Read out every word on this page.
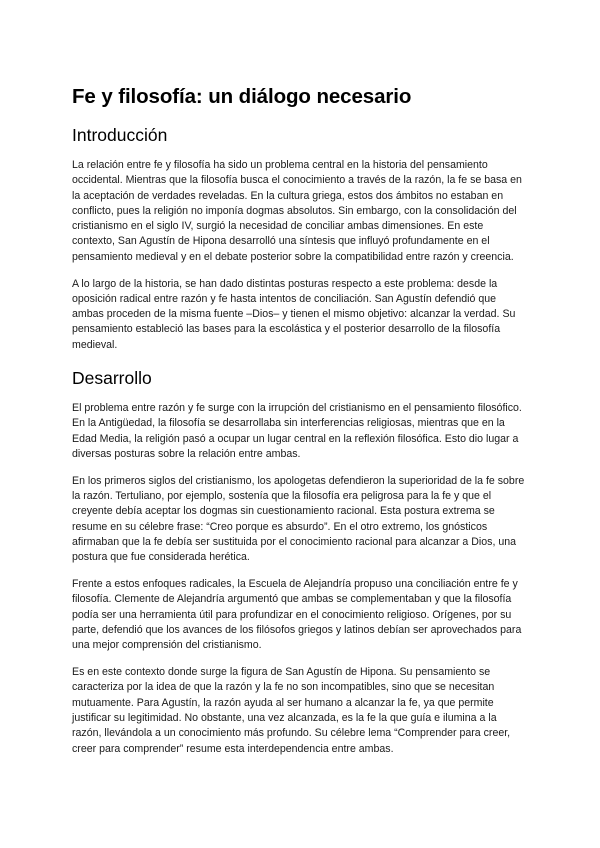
Fe y filosofía: un diálogo necesario
Introducción

La relación entre fe y filosofía ha sido un problema central en la historia del pensamiento occidental. Mientras que la filosofía busca el conocimiento a través de la razón, la fe se basa en la aceptación de verdades reveladas. En la cultura griega, estos dos ámbitos no estaban en conflicto, pues la religión no imponía dogmas absolutos. Sin embargo, con la consolidación del cristianismo en el siglo IV, surgió la necesidad de conciliar ambas dimensiones. En este contexto, San Agustín de Hipona desarrolló una síntesis que influyó profundamente en el pensamiento medieval y en el debate posterior sobre la compatibilidad entre razón y creencia.

A lo largo de la historia, se han dado distintas posturas respecto a este problema: desde la oposición radical entre razón y fe hasta intentos de conciliación. San Agustín defendió que ambas proceden de la misma fuente –Dios– y tienen el mismo objetivo: alcanzar la verdad. Su pensamiento estableció las bases para la escolástica y el posterior desarrollo de la filosofía medieval.

Desarrollo

El problema entre razón y fe surge con la irrupción del cristianismo en el pensamiento filosófico. En la Antigüedad, la filosofía se desarrollaba sin interferencias religiosas, mientras que en la Edad Media, la religión pasó a ocupar un lugar central en la reflexión filosófica. Esto dio lugar a diversas posturas sobre la relación entre ambas.

En los primeros siglos del cristianismo, los apologetas defendieron la superioridad de la fe sobre la razón. Tertuliano, por ejemplo, sostenía que la filosofía era peligrosa para la fe y que el creyente debía aceptar los dogmas sin cuestionamiento racional. Esta postura extrema se resume en su célebre frase: “Creo porque es absurdo”. En el otro extremo, los gnósticos afirmaban que la fe debía ser sustituida por el conocimiento racional para alcanzar a Dios, una postura que fue considerada herética.

Frente a estos enfoques radicales, la Escuela de Alejandría propuso una conciliación entre fe y filosofía. Clemente de Alejandría argumentó que ambas se complementaban y que la filosofía podía ser una herramienta útil para profundizar en el conocimiento religioso. Orígenes, por su parte, defendió que los avances de los filósofos griegos y latinos debían ser aprovechados para una mejor comprensión del cristianismo.

Es en este contexto donde surge la figura de San Agustín de Hipona. Su pensamiento se caracteriza por la idea de que la razón y la fe no son incompatibles, sino que se necesitan mutuamente. Para Agustín, la razón ayuda al ser humano a alcanzar la fe, ya que permite justificar su legitimidad. No obstante, una vez alcanzada, es la fe la que guía e ilumina a la razón, llevándola a un conocimiento más profundo. Su célebre lema “Comprender para creer, creer para comprender” resume esta interdependencia entre ambas.
